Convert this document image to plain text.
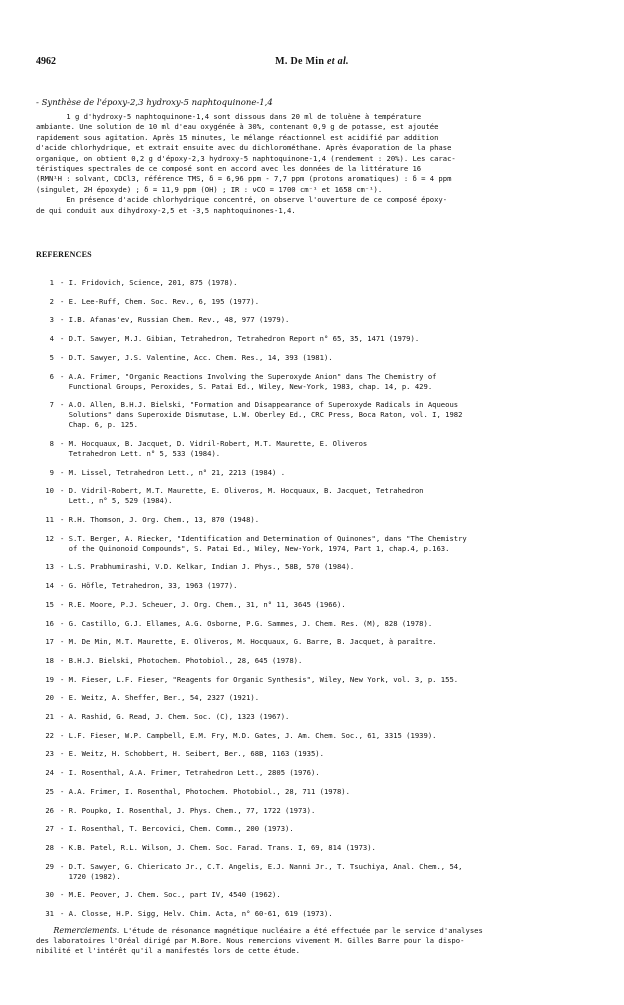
4962	M. De Min et al.
- Synthèse de l'époxy-2,3 hydroxy-5 naphtoquinone-1,4
1 g d'hydroxy-5 naphtoquinone-1,4 sont dissous dans 20 ml de toluène à température
ambiante. Une solution de 10 ml d'eau oxygénée à 30%, contenant 0,9 g de potasse, est ajoutée
rapidement sous agitation. Après 15 minutes, le mélange réactionnel est acidifié par addition
d'acide chlorhydrique, et extrait ensuite avec du dichlorométhane. Après évaporation de la phase
organique, on obtient 0,2 g d'époxy-2,3 hydroxy-5 naphtoquinone-1,4 (rendement : 20%). Les carac-
téristiques spectrales de ce composé sont en accord avec les données de la littérature 16
(RMN¹H : solvant, CDCl3, référence TMS, δ = 6,96 ppm - 7,7 ppm (protons aromatiques) : δ = 4 ppm
(singulet, 2H époxyde) ; δ = 11,9 ppm (OH) ; IR : νCO = 1700 cm⁻¹ et 1658 cm⁻¹).
En présence d'acide chlorhydrique concentré, on observe l'ouverture de ce composé époxy-
de qui conduit aux dihydroxy-2,5 et -3,5 naphtoquinones-1,4.
REFERENCES
1 - I. Fridovich, Science, 201, 875 (1978).
2 - E. Lee-Ruff, Chem. Soc. Rev., 6, 195 (1977).
3 - I.B. Afanas'ev, Russian Chem. Rev., 48, 977 (1979).
4 - D.T. Sawyer, M.J. Gibian, Tetrahedron, Tetrahedron Report n° 65, 35, 1471 (1979).
5 - D.T. Sawyer, J.S. Valentine, Acc. Chem. Res., 14, 393 (1981).
6 - A.A. Frimer, "Organic Reactions Involving the Superoxyde Anion" dans The Chemistry of
Functional Groups, Peroxides, S. Patai Ed., Wiley, New-York, 1983, chap. 14, p. 429.
7 - A.O. Allen, B.H.J. Bielski, "Formation and Disappearance of Superoxyde Radicals in Aqueous
Solutions" dans Superoxide Dismutase, L.W. Oberley Ed., CRC Press, Boca Raton, vol. I, 1982
Chap. 6, p. 125.
8 - M. Hocquaux, B. Jacquet, D. Vidril-Robert, M.T. Maurette, E. Oliveros
Tetrahedron Lett. n° 5, 533 (1984).
9 - M. Lissel, Tetrahedron Lett., n° 21, 2213 (1984) .
10 - D. Vidril-Robert, M.T. Maurette, E. Oliveros, M. Hocquaux, B. Jacquet, Tetrahedron
Lett., n° 5, 529 (1984).
11 - R.H. Thomson, J. Org. Chem., 13, 870 (1948).
12 - S.T. Berger, A. Riecker, "Identification and Determination of Quinones", dans "The Chemistry
of the Quinonoid Compounds", S. Patai Ed., Wiley, New-York, 1974, Part 1, chap.4, p.163.
13 - L.S. Prabhumirashi, V.D. Kelkar, Indian J. Phys., 58B, 570 (1984).
14 - G. Höfle, Tetrahedron, 33, 1963 (1977).
15 - R.E. Moore, P.J. Scheuer, J. Org. Chem., 31, n° 11, 3645 (1966).
16 - G. Castillo, G.J. Ellames, A.G. Osborne, P.G. Sammes, J. Chem. Res. (M), 828 (1978).
17 - M. De Min, M.T. Maurette, E. Oliveros, M. Hocquaux, G. Barre, B. Jacquet, à paraître.
18 - B.H.J. Bielski, Photochem. Photobiol., 28, 645 (1978).
19 - M. Fieser, L.F. Fieser, "Reagents for Organic Synthesis", Wiley, New York, vol. 3, p. 155.
20 - E. Weitz, A. Sheffer, Ber., 54, 2327 (1921).
21 - A. Rashid, G. Read, J. Chem. Soc. (C), 1323 (1967).
22 - L.F. Fieser, W.P. Campbell, E.M. Fry, M.D. Gates, J. Am. Chem. Soc., 61, 3315 (1939).
23 - E. Weitz, H. Schobbert, H. Seibert, Ber., 68B, 1163 (1935).
24 - I. Rosenthal, A.A. Frimer, Tetrahedron Lett., 2805 (1976).
25 - A.A. Frimer, I. Rosenthal, Photochem. Photobiol., 28, 711 (1978).
26 - R. Poupko, I. Rosenthal, J. Phys. Chem., 77, 1722 (1973).
27 - I. Rosenthal, T. Bercovici, Chem. Comm., 200 (1973).
28 - K.B. Patel, R.L. Wilson, J. Chem. Soc. Farad. Trans. I, 69, 814 (1973).
29 - D.T. Sawyer, G. Chiericato Jr., C.T. Angelis, E.J. Nanni Jr., T. Tsuchiya, Anal. Chem., 54,
1720 (1982).
30 - M.E. Peover, J. Chem. Soc., part IV, 4540 (1962).
31 - A. Closse, H.P. Sigg, Helv. Chim. Acta, n° 60-61, 619 (1973).

Remerciements. L'étude de résonance magnétique nucléaire a été effectuée par le service d'analyses
des laboratoires l'Oréal dirigé par M.Bore. Nous remercions vivement M. Gilles Barre pour la dispo-
nibilité et l'intérêt qu'il a manifestés lors de cette étude.
